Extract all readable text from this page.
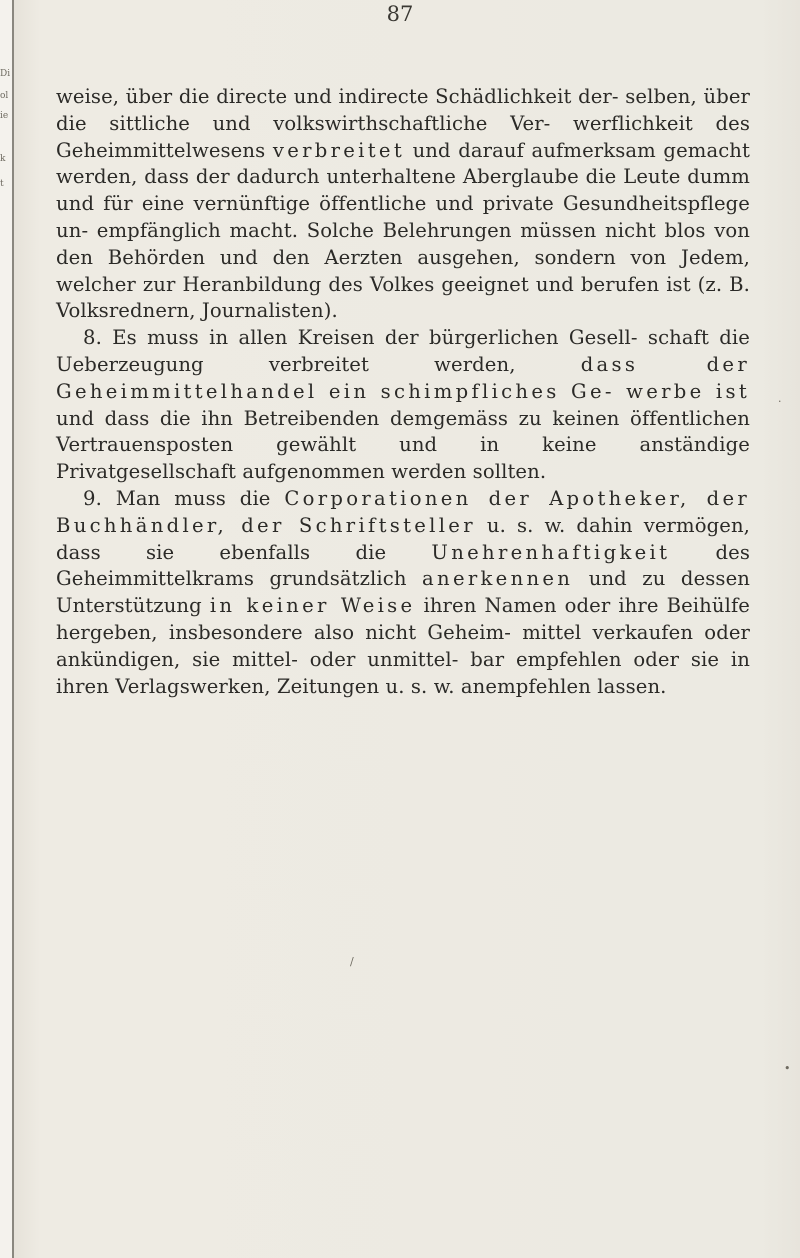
Di
ol
ie
k
t
87

weise, über die directe und indirecte Schädlichkeit der- selben, über die sittliche und volkswirthschaftliche Ver- werflichkeit des Geheimmittelwesens verbreitet und darauf aufmerksam gemacht werden, dass der dadurch unterhaltene Aberglaube die Leute dumm und für eine vernünftige öffentliche und private Gesundheitspflege un- empfänglich macht. Solche Belehrungen müssen nicht blos von den Behörden und den Aerzten ausgehen, sondern von Jedem, welcher zur Heranbildung des Volkes geeignet und berufen ist (z. B. Volksrednern, Journalisten).

8. Es muss in allen Kreisen der bürgerlichen Gesell- schaft die Ueberzeugung verbreitet werden, dass der Geheimmittelhandel ein schimpfliches Ge- werbe ist und dass die ihn Betreibenden demgemäss zu keinen öffentlichen Vertrauensposten gewählt und in keine anständige Privatgesellschaft aufgenommen werden sollten.

9. Man muss die Corporationen der Apotheker, der Buchhändler, der Schriftsteller u. s. w. dahin vermögen, dass sie ebenfalls die Unehrenhaftigkeit des Geheimmittelkrams grundsätzlich anerkennen und zu dessen Unterstützung in keiner Weise ihren Namen oder ihre Beihülfe hergeben, insbesondere also nicht Geheim- mittel verkaufen oder ankündigen, sie mittel- oder unmittel- bar empfehlen oder sie in ihren Verlagswerken, Zeitungen u. s. w. anempfehlen lassen.

/
•
·
